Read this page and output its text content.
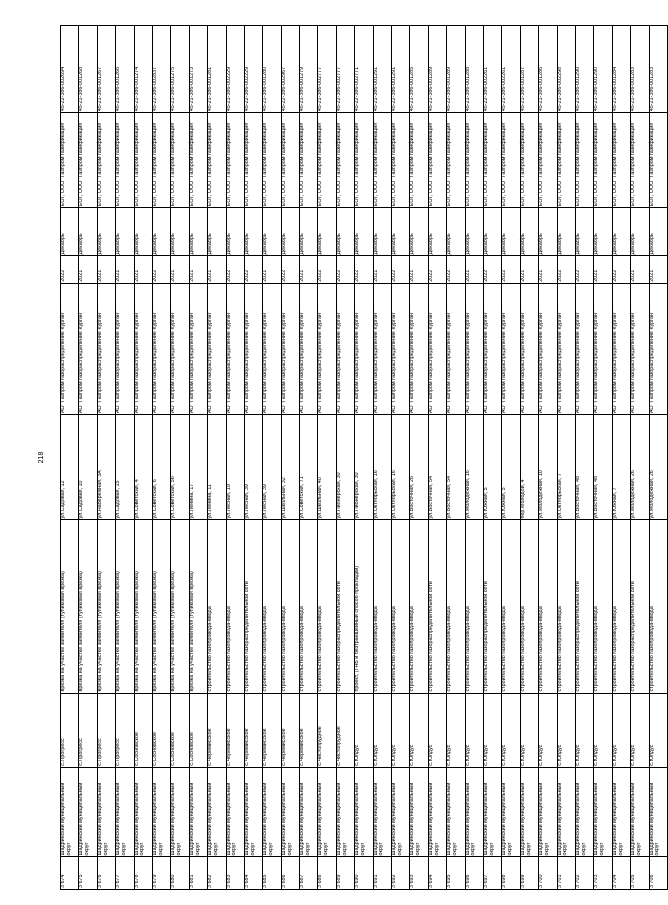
218
3 674	Шадринский муниципальный округ	с.Прогресс	врезка на участке заявителя (тупиковая врезка)	ул.Садовая, 12	АО "Газпром газораспределение Курган"	2022	Декабрь	ЕОГ, ООО "Газпром газификация"	45-22-386-002694
3 675	Шадринский муниципальный округ	с.Прогресс	врезка на участке заявителя (тупиковая врезка)	ул.Садовая, 10	АО "Газпром газораспределение Курган"	2021	Декабрь	ЕОГ, ООО "Газпром газификация"	45-21-386-001268
3 676	Шадринский муниципальный округ	с.Прогресс	врезка на участке заявителя (тупиковая врезка)	ул.Набережная, 3А	АО "Газпром газораспределение Курган"	2021	Декабрь	ЕОГ, ООО "Газпром газификация"	45-21-386-001267
3 677	Шадринский муниципальный округ	с.Прогресс	врезка на участке заявителя (тупиковая врезка)	ул.Садовая, 15	АО "Газпром газораспределение Курган"	2021	Декабрь	ЕОГ, ООО "Газпром газификация"	45-21-386-001266
3 678	Шадринский муниципальный округ	с.Сосновское	врезка на участке заявителя (тупиковая врезка)	ул.Советская, 4	АО "Газпром газораспределение Курган"	2021	Декабрь	ЕОГ, ООО "Газпром газификация"	45-21-386-001274
3 679	Шадринский муниципальный округ	с.Сосновское	врезка на участке заявителя (тупиковая врезка)	ул.Советская, 6	АО "Газпром газораспределение Курган"	2022	Декабрь	ЕОГ, ООО "Газпром газификация"	45-22-386-002837
3 680	Шадринский муниципальный округ	с.Сосновское	врезка на участке заявителя (тупиковая врезка)	ул.Советская, 56	АО "Газпром газораспределение Курган"	2021	Декабрь	ЕОГ, ООО "Газпром газификация"	45-21-386-001275
3 681	Шадринский муниципальный округ	с.Сосновское	врезка на участке заявителя (тупиковая врезка)	ул.Ленина, 17	АО "Газпром газораспределение Курган"	2021	Декабрь	ЕОГ, ООО "Газпром газификация"	45-21-386-001273
3 682	Шадринский муниципальный округ	с.Черемисское	строительство газопровода-ввода	ул.Ленина, 11	АО "Газпром газораспределение Курган"	2021	Декабрь	ЕОГ, ООО "Газпром газификация"	45-21-386-001281
3 683	Шадринский муниципальный округ	с.Черемисское	строительство газопровода-ввода	ул.Лесная, 19	АО "Газпром газораспределение Курган"	2022	Декабрь	ЕОГ, ООО "Газпром газификация"	45-21-386-002229
3 684	Шадринский муниципальный округ	с.Черемисское	строительство газораспределительной сети	ул.Лесная, 39	АО "Газпром газораспределение Курган"	2022	Декабрь	ЕОГ, ООО "Газпром газификация"	45-22-386-002229
3 685	Шадринский муниципальный округ	с.Черемисское	строительство газопровода-ввода	ул.Лесная, 39	АО "Газпром газораспределение Курган"	2021	Декабрь	ЕОГ, ООО "Газпром газификация"	45-21-386-001280
3 686	Шадринский муниципальный округ	с.Черемисское	строительство газопровода-ввода	ул.Школьная, 32	АО "Газпром газораспределение Курган"	2022	Декабрь	ЕОГ, ООО "Газпром газификация"	45-22-386-002967
3 687	Шадринский муниципальный округ	с.Черемисское	строительство газопровода-ввода	ул.Советская, 71	АО "Газпром газораспределение Курган"	2021	Декабрь	ЕОГ, ООО "Газпром газификация"	45-21-386-001279
3 688	Шадринский муниципальный округ	с.Чистопрудное	строительство газопровода-ввода	ул.Школьная, 40	АО "Газпром газораспределение Курган"	2022	Декабрь	ЕОГ, ООО "Газпром газификация"	45-21-386-002777
3 689	Шадринский муниципальный округ	с.Чистопрудное	строительство газораспределительной сети	ул.Пионерская, 30	АО "Газпром газораспределение Курган"	2022	Декабрь	ЕОГ, ООО "Газпром газификация"	45-22-386-002777
3 690	Шадринский муниципальный округ	с.Юлдус	проект, (ГНБ и безтраншейный способ прокладки)	ул.Пионерская, 30	АО "Газпром газораспределение Курган"	2022	Декабрь	ЕОГ, ООО "Газпром газификация"	45-22-386-002771
3 691	Шадринский муниципальный округ	с.Юлдус	строительство газопровода-ввода	ул.Октябрьская, 16	АО "Газпром газораспределение Курган"	2021	Декабрь	ЕОГ, ООО "Газпром газификация"	45-21-386-001291
3 692	Шадринский муниципальный округ	с.Юлдус	строительство газопровода-ввода	ул.Октябрьская, 16	АО "Газпром газораспределение Курган"	2022	Декабрь	ЕОГ, ООО "Газпром газификация"	45-22-386-001291
3 693	Шадринский муниципальный округ	с.Юлдус	строительство газопровода-ввода	ул.Восточная, 26	АО "Газпром газораспределение Курган"	2021	Декабрь	ЕОГ, ООО "Газпром газификация"	45-21-386-001285
3 694	Шадринский муниципальный округ	с.Юлдус	строительство газораспределительной сети	ул.Восточная, 54	АО "Газпром газораспределение Курган"	2022	Декабрь	ЕОГ, ООО "Газпром газификация"	45-21-386-001289
3 695	Шадринский муниципальный округ	с.Юлдус	строительство газопровода-ввода	ул.Восточная, 54	АО "Газпром газораспределение Курган"	2022	Декабрь	ЕОГ, ООО "Газпром газификация"	45-22-386-001289
3 696	Шадринский муниципальный округ	с.Юлдус	строительство газопровода-ввода	ул.Молодежная, 16	АО "Газпром газораспределение Курган"	2021	Декабрь	ЕОГ, ООО "Газпром газификация"	45-21-386-001288
3 697	Шадринский муниципальный округ	с.Юлдус	строительство газораспределительной сети	ул.Южная, 5	АО "Газпром газораспределение Курган"	2022	Декабрь	ЕОГ, ООО "Газпром газификация"	45-22-386-002261
3 698	Шадринский муниципальный округ	с.Юлдус	строительство газопровода-ввода	ул.Южная, 5	АО "Газпром газораспределение Курган"	2022	Декабрь	ЕОГ, ООО "Газпром газификация"	45-21-386-002261
3 699	Шадринский муниципальный округ	с.Юлдус	строительство газопровода-ввода	пер.Молодой, 4	АО "Газпром газораспределение Курган"	2021	Декабрь	ЕОГ, ООО "Газпром газификация"	45-21-386-001287
3 700	Шадринский муниципальный округ	с.Юлдус	строительство газопровода-ввода	ул.Молодежная, 10	АО "Газпром газораспределение Курган"	2021	Декабрь	ЕОГ, ООО "Газпром газификация"	45-21-386-001286
3 701	Шадринский муниципальный округ	с.Юлдус	строительство газопровода-ввода	ул.Октябрьская, 7	АО "Газпром газораспределение Курган"	2022	Декабрь	ЕОГ, ООО "Газпром газификация"	45-21-386-002298
3 702	Шадринский муниципальный округ	с.Юлдус	строительство газораспределительной сети	ул.Восточная, 48	АО "Газпром газораспределение Курган"	2022	Декабрь	ЕОГ, ООО "Газпром газификация"	45-21-386-001290
3 703	Шадринский муниципальный округ	с.Юлдус	строительство газопровода-ввода	ул.Восточная, 48	АО "Газпром газораспределение Курган"	2021	Декабрь	ЕОГ, ООО "Газпром газификация"	45-21-386-001290
3 704	Шадринский муниципальный округ	с.Юлдус	строительство газопровода-ввода	ул.Южная, 7	АО "Газпром газораспределение Курган"	2022	Декабрь	ЕОГ, ООО "Газпром газификация"	45-21-386-001284
3 705	Шадринский муниципальный округ	с.Юлдус	строительство газораспределительной сети	ул.Молодежная, 26	АО "Газпром газораспределение Курган"	2021	Декабрь	ЕОГ, ООО "Газпром газификация"	45-21-386-001283
3 706	Шадринский муниципальный округ	с.Юлдус	строительство газопровода-ввода	ул.Молодежная, 26	АО "Газпром газораспределение Курган"	2021	Декабрь	ЕОГ, ООО "Газпром газификация"	45-21-386-001283
